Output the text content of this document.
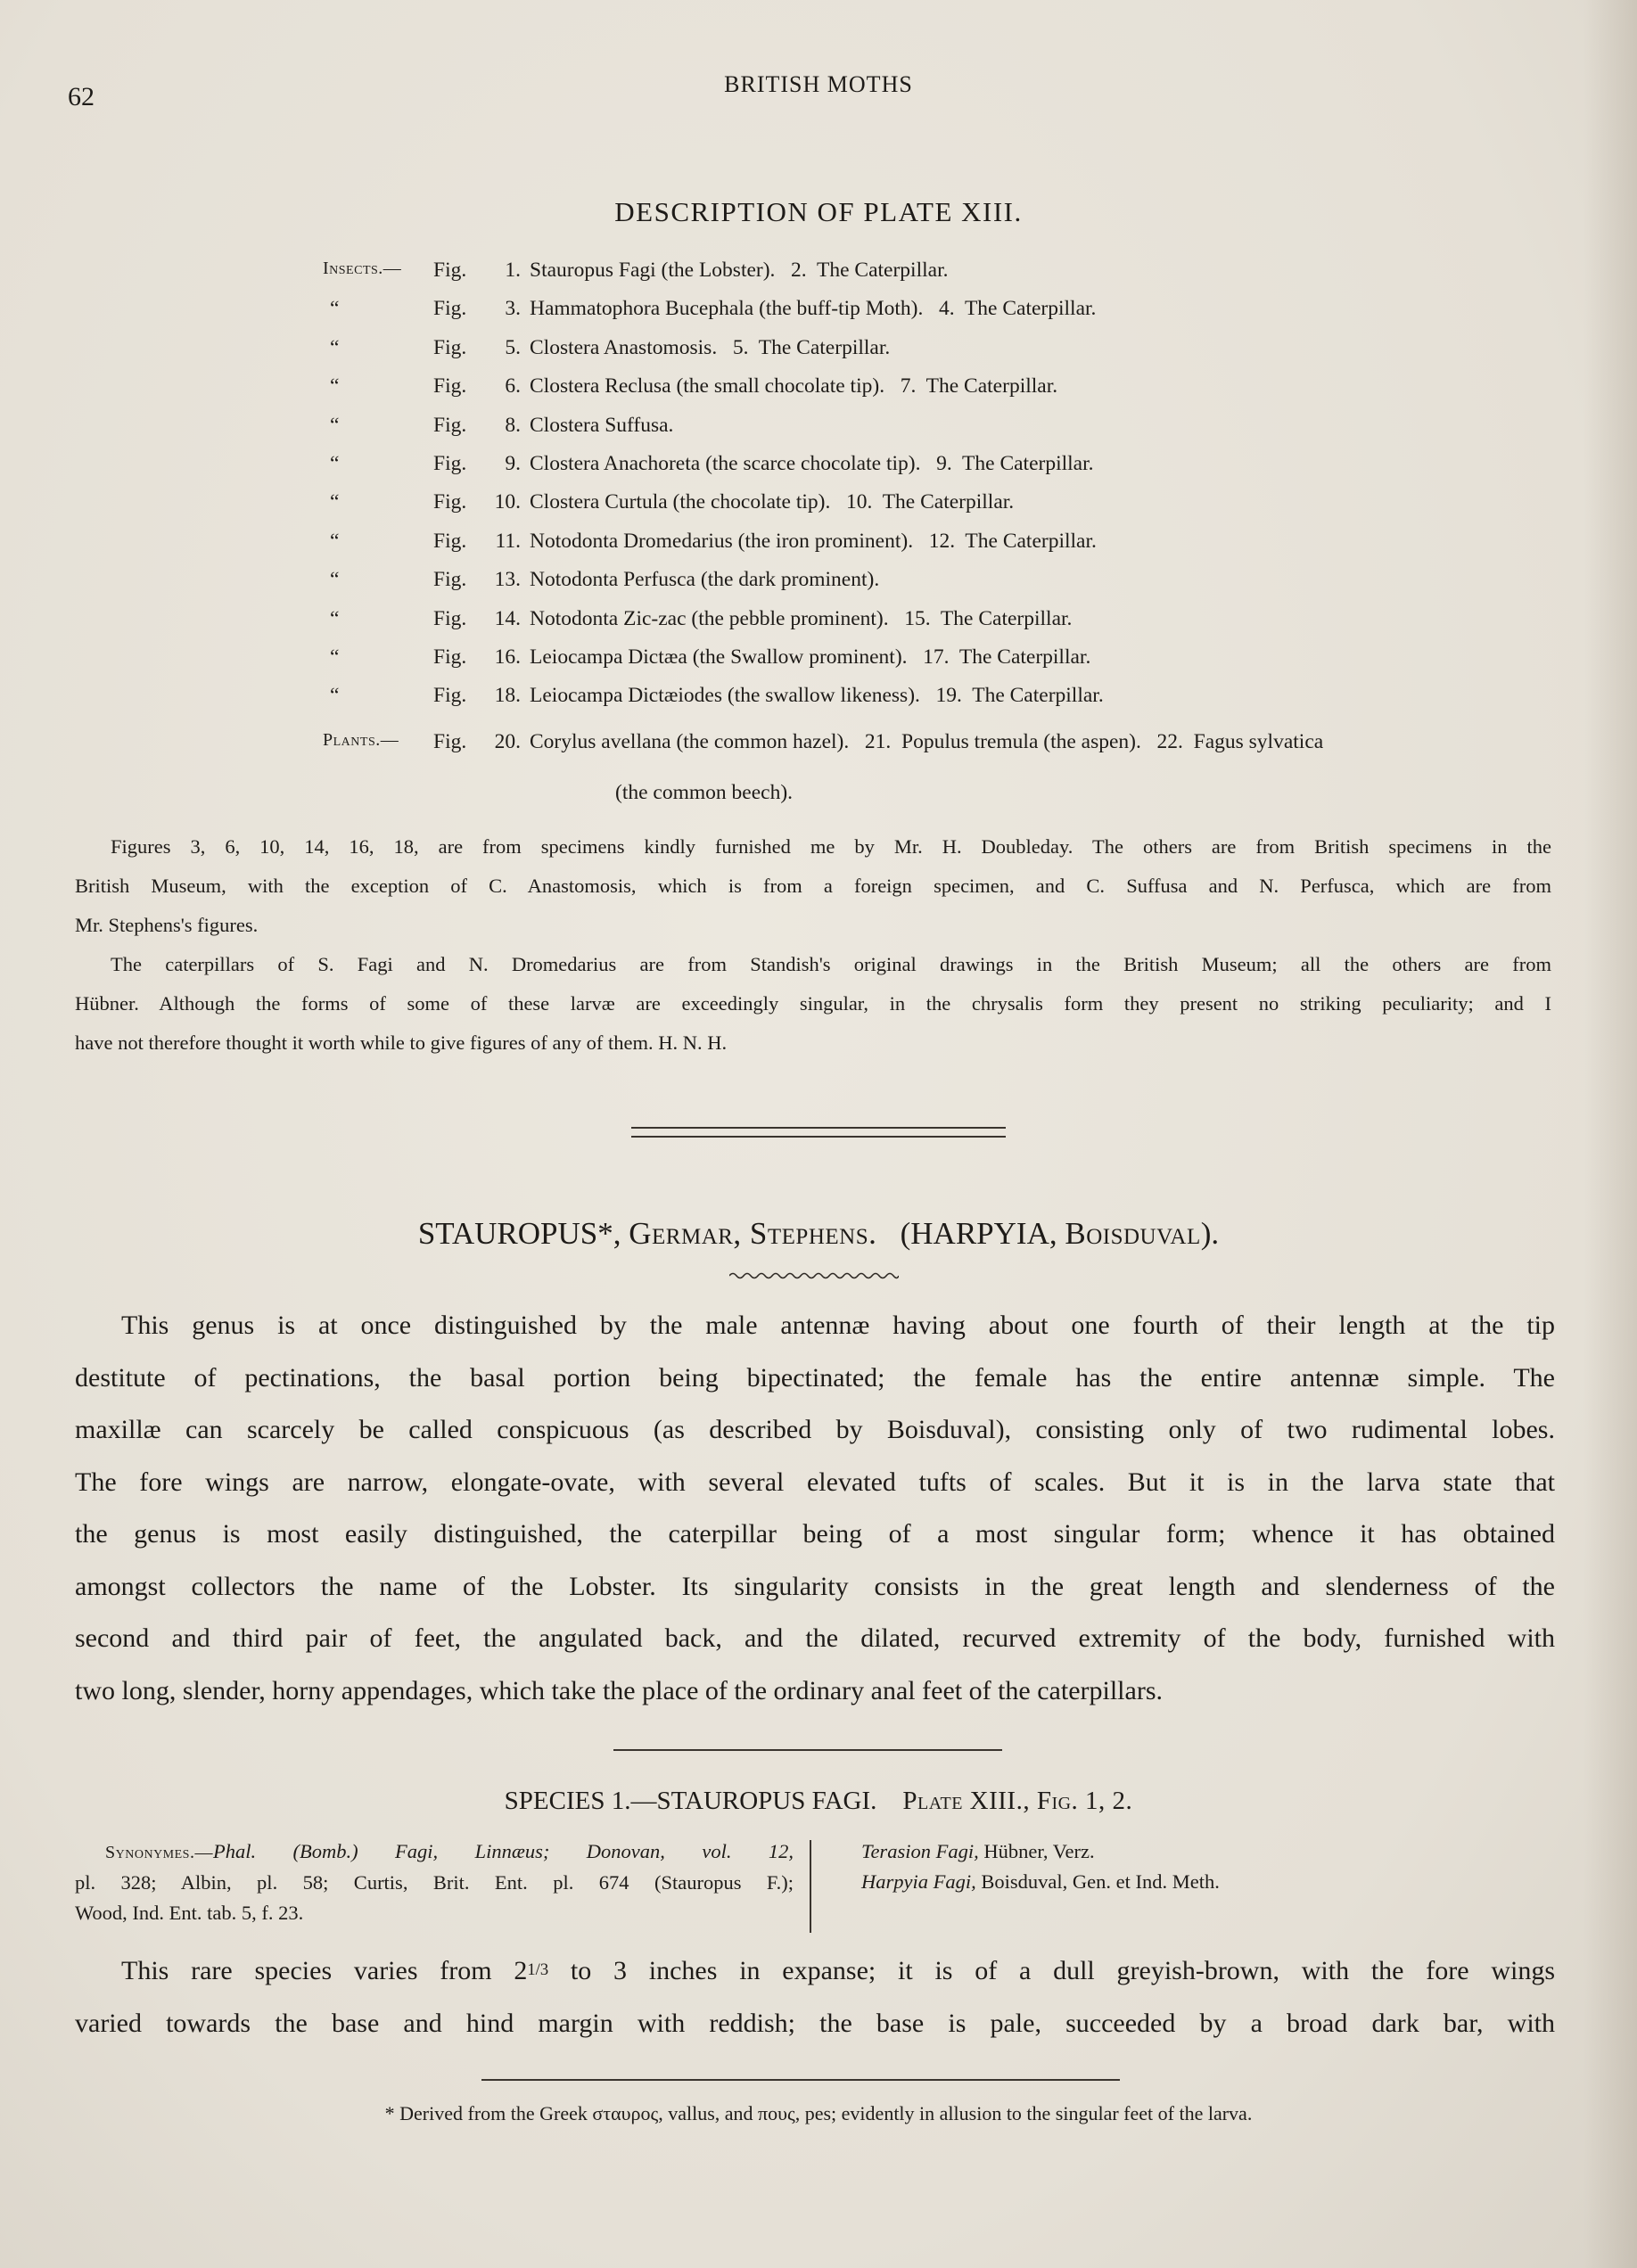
62	BRITISH MOTHS
DESCRIPTION OF PLATE XIII.
Insects.— Fig.	1. Stauropus Fagi (the Lobster).   2.  The Caterpillar.
“	Fig.	3. Hammatophora Bucephala (the buff-tip Moth).   4.  The Caterpillar.
“	Fig.	5. Clostera Anastomosis.   5.  The Caterpillar.
“	Fig.	6. Clostera Reclusa (the small chocolate tip).   7.  The Caterpillar.
“	Fig.	8. Clostera Suffusa.
“	Fig.	9. Clostera Anachoreta (the scarce chocolate tip).   9.  The Caterpillar.
“	Fig.	10. Clostera Curtula (the chocolate tip).   10.  The Caterpillar.
“	Fig.	11. Notodonta Dromedarius (the iron prominent).   12.  The Caterpillar.
“	Fig.	13. Notodonta Perfusca (the dark prominent).
“	Fig.	14. Notodonta Zic-zac (the pebble prominent).   15.  The Caterpillar.
“	Fig.	16. Leiocampa Dictæa (the Swallow prominent).   17.  The Caterpillar.
“	Fig.	18. Leiocampa Dictæiodes (the swallow likeness).   19.  The Caterpillar.
Plants.— Fig.	20. Corylus avellana (the common hazel).   21.  Populus tremula (the aspen).   22.  Fagus sylvatica
(the common beech).
Figures 3, 6, 10, 14, 16, 18, are from specimens kindly furnished me by Mr. H. Doubleday. The others are from British specimens in the
British Museum, with the exception of C. Anastomosis, which is from a foreign specimen, and C. Suffusa and N. Perfusca, which are from
Mr. Stephens's figures.
The caterpillars of S. Fagi and N. Dromedarius are from Standish's original drawings in the British Museum; all the others are from
Hübner. Although the forms of some of these larvæ are exceedingly singular, in the chrysalis form they present no striking peculiarity; and I
have not therefore thought it worth while to give figures of any of them. H. N. H.
STAUROPUS*, Germar, Stephens. (HARPYIA, Boisduval).
This genus is at once distinguished by the male antennæ having about one fourth of their length at the tip
destitute of pectinations, the basal portion being bipectinated; the female has the entire antennæ simple. The
maxillæ can scarcely be called conspicuous (as described by Boisduval), consisting only of two rudimental lobes.
The fore wings are narrow, elongate-ovate, with several elevated tufts of scales. But it is in the larva state that
the genus is most easily distinguished, the caterpillar being of a most singular form; whence it has obtained
amongst collectors the name of the Lobster. Its singularity consists in the great length and slenderness of the
second and third pair of feet, the angulated back, and the dilated, recurved extremity of the body, furnished with
two long, slender, horny appendages, which take the place of the ordinary anal feet of the caterpillars.
SPECIES 1.—STAUROPUS FAGI. Plate XIII., Fig. 1, 2.
Synonymes.—Phal. (Bomb.) Fagi, Linnæus; Donovan, vol. 12,
pl. 328; Albin, pl. 58; Curtis, Brit. Ent. pl. 674 (Stauropus F.);
Wood, Ind. Ent. tab. 5, f. 23.
Terasion Fagi, Hübner, Verz.
Harpyia Fagi, Boisduval, Gen. et Ind. Meth.
This rare species varies from 21/3 to 3 inches in expanse; it is of a dull greyish-brown, with the fore wings
varied towards the base and hind margin with reddish; the base is pale, succeeded by a broad dark bar, with
* Derived from the Greek σταυρος, vallus, and πους, pes; evidently in allusion to the singular feet of the larva.
